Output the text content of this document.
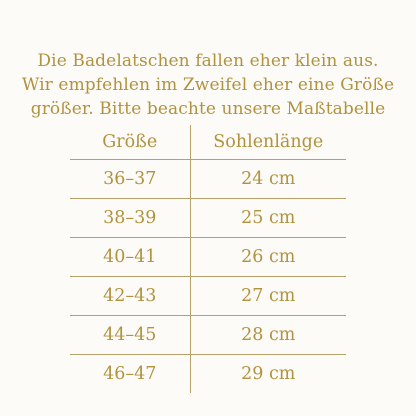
Die Badelatschen fallen eher klein aus.
Wir empfehlen im Zweifel eher eine Größe
größer. Bitte beachte unsere Maßtabelle

Größe	Sohlenlänge
36–37	24 cm
38–39	25 cm
40–41	26 cm
42–43	27 cm
44–45	28 cm
46–47	29 cm
